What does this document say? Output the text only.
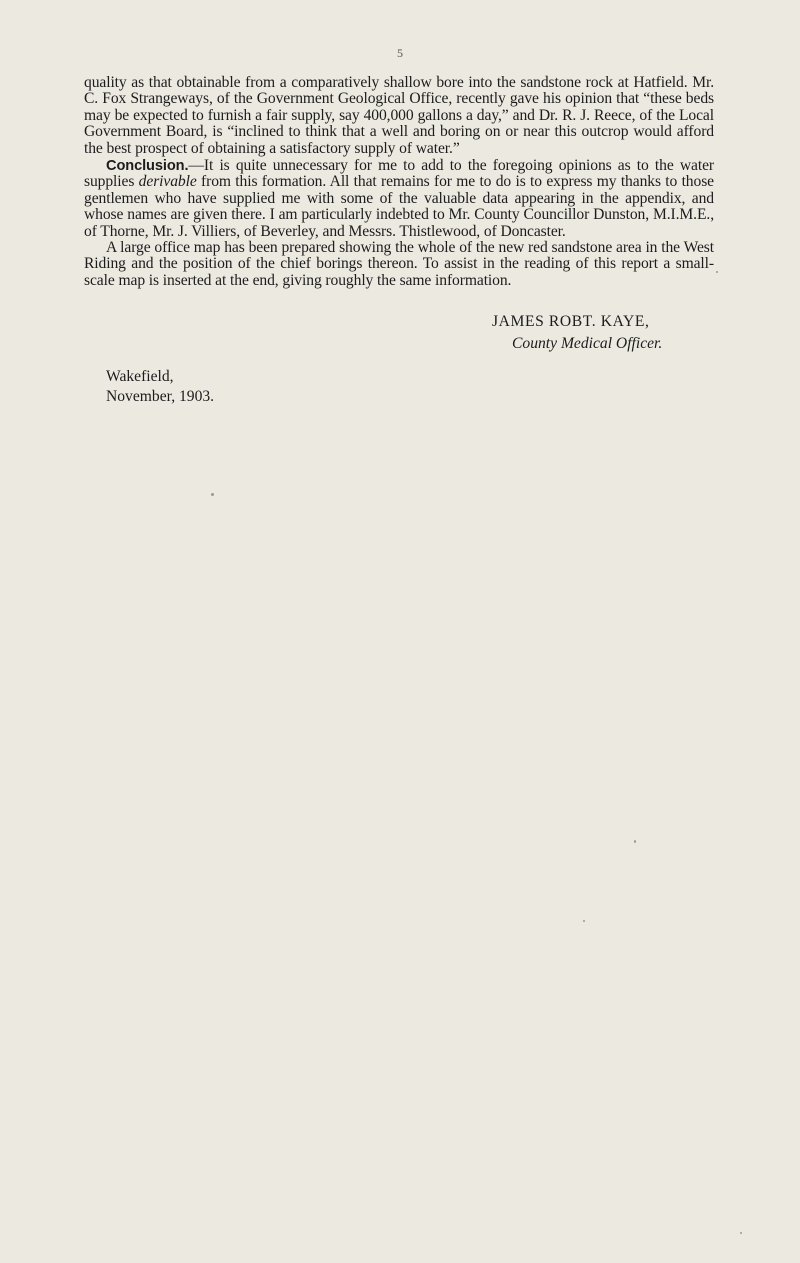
5

quality as that obtainable from a comparatively shallow bore into the sandstone rock at Hatfield. Mr. C. Fox Strangeways, of the Government Geological Office, recently gave his opinion that “these beds may be expected to furnish a fair supply, say 400,000 gallons a day,” and Dr. R. J. Reece, of the Local Government Board, is “inclined to think that a well and boring on or near this outcrop would afford the best prospect of obtaining a satisfactory supply of water.”

Conclusion.—It is quite unnecessary for me to add to the foregoing opinions as to the water supplies derivable from this formation. All that remains for me to do is to express my thanks to those gentlemen who have supplied me with some of the valuable data appearing in the appendix, and whose names are given there. I am particularly indebted to Mr. County Councillor Dunston, M.I.M.E., of Thorne, Mr. J. Villiers, of Beverley, and Messrs. Thistlewood, of Doncaster.

A large office map has been prepared showing the whole of the new red sandstone area in the West Riding and the position of the chief borings thereon. To assist in the reading of this report a small-scale map is inserted at the end, giving roughly the same information.

JAMES ROBT. KAYE,
County Medical Officer.
Wakefield,
November, 1903.
